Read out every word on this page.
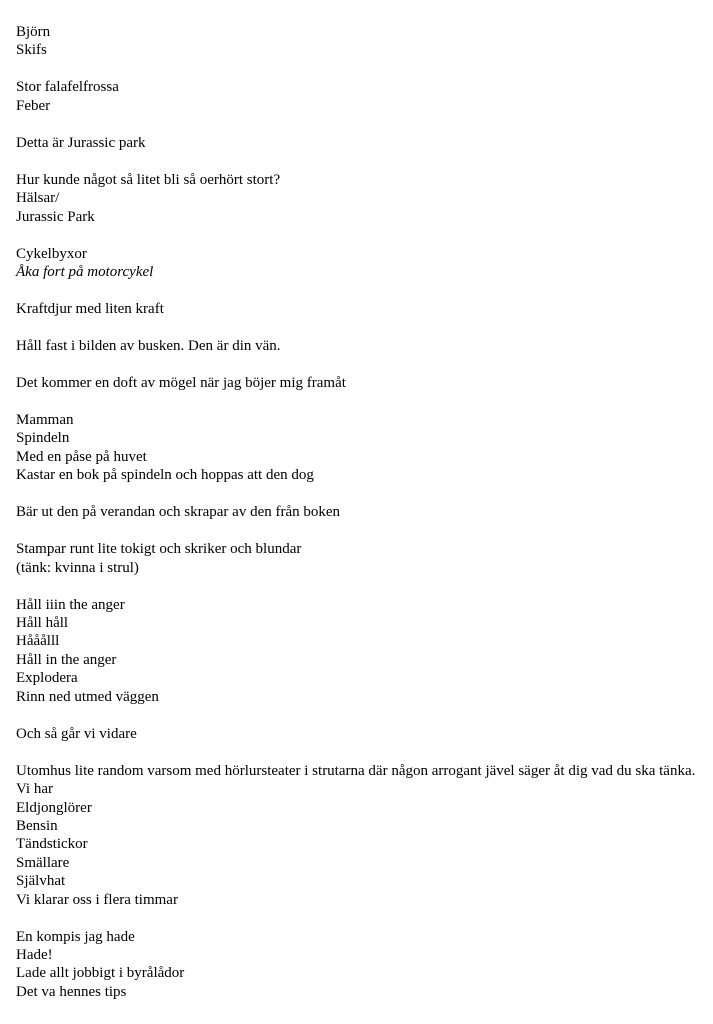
Björn
Skifs
Stor falafelfrossa
Feber
Detta är Jurassic park
Hur kunde något så litet bli så oerhört stort?
Hälsar/
Jurassic Park
Cykelbyxor
Åka fort på motorcykel
Kraftdjur med liten kraft
Håll fast i bilden av busken. Den är din vän.
Det kommer en doft av mögel när jag böjer mig framåt
Mamman
Spindeln
Med en påse på huvet
Kastar en bok på spindeln och hoppas att den dog
Bär ut den på verandan och skrapar av den från boken
Stampar runt lite tokigt och skriker och blundar
(tänk: kvinna i strul)
Håll iiin the anger
Håll håll
Hååålll
Håll in the anger
Explodera
Rinn ned utmed väggen
Och så går vi vidare
Utomhus lite random varsom med hörlursteater i strutarna där någon arrogant jävel säger åt dig vad du ska tänka.
Vi har
Eldjonglörer
Bensin
Tändstickor
Smällare
Självhat
Vi klarar oss i flera timmar
En kompis jag hade
Hade!
Lade allt jobbigt i byrålådor
Det va hennes tips
